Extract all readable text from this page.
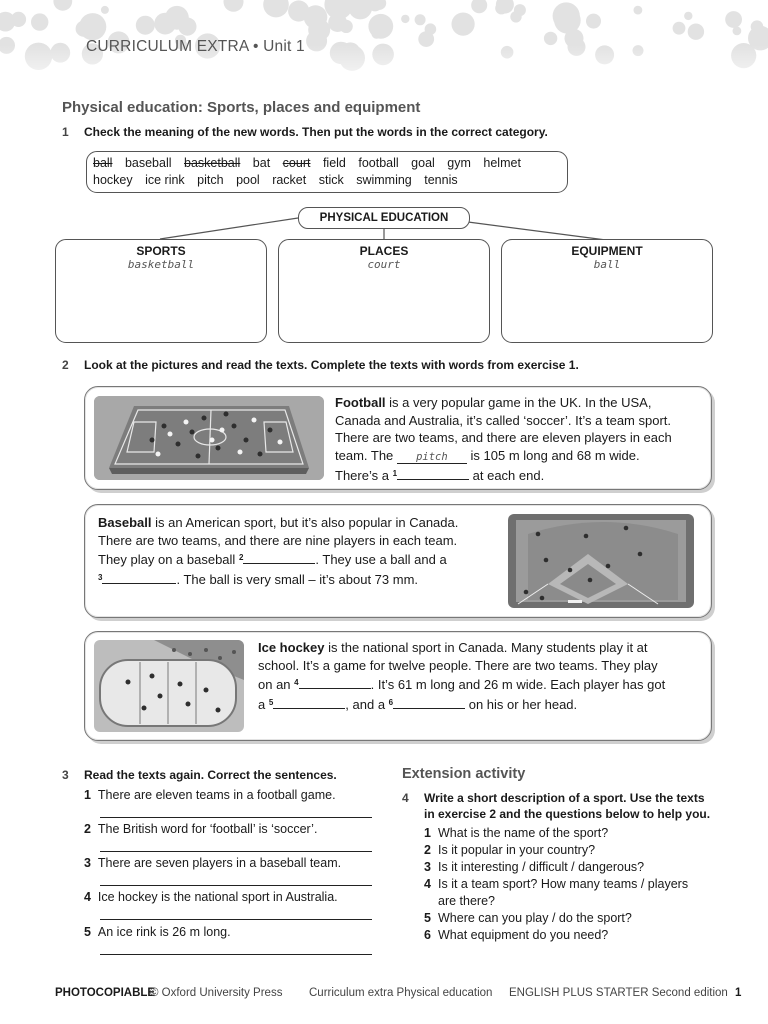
CURRICULUM EXTRA • Unit 1
Physical education: Sports, places and equipment
1 Check the meaning of the new words. Then put the words in the correct category.
ball baseball basketball bat court field football goal gym helmet
hockey ice rink pitch pool racket stick swimming tennis
PHYSICAL EDUCATION
SPORTS
basketball
PLACES
court
EQUIPMENT
ball
2 Look at the pictures and read the texts. Complete the texts with words from exercise 1.
Football is a very popular game in the UK. In the USA,
Canada and Australia, it’s called ‘soccer’. It’s a team sport.
There are two teams, and there are eleven players in each
team. The pitch is 105 m long and 68 m wide.
There’s a $^1$	at each end.
Baseball is an American sport, but it’s also popular in Canada.
There are two teams, and there are nine players in each team.
They play on a baseball $^2$	. They use a ball and a
$^3$	. The ball is very small – it’s about 73 mm.
Ice hockey is the national sport in Canada. Many students play it at
school. It’s a game for twelve people. There are two teams. They play
on an $^4$	. It’s 61 m long and 26 m wide. Each player has got
a $^5$	, and a $^6$	on his or her head.
3 Read the texts again. Correct the sentences.
1 There are eleven teams in a football game.
2 The British word for ‘football’ is ‘soccer’.
3 There are seven players in a baseball team.
4 Ice hockey is the national sport in Australia.
5 An ice rink is 26 m long.
Extension activity
4 Write a short description of a sport. Use the texts
in exercise 2 and the questions below to help you.
1 What is the name of the sport?
2 Is it popular in your country?
3 Is it interesting / difficult / dangerous?
4 Is it a team sport? How many teams / players
are there?
5 Where can you play / do the sport?
6 What equipment do you need?
PHOTOCOPIABLE
© Oxford University Press Curriculum extra Physical education ENGLISH PLUS STARTER Second edition 1
